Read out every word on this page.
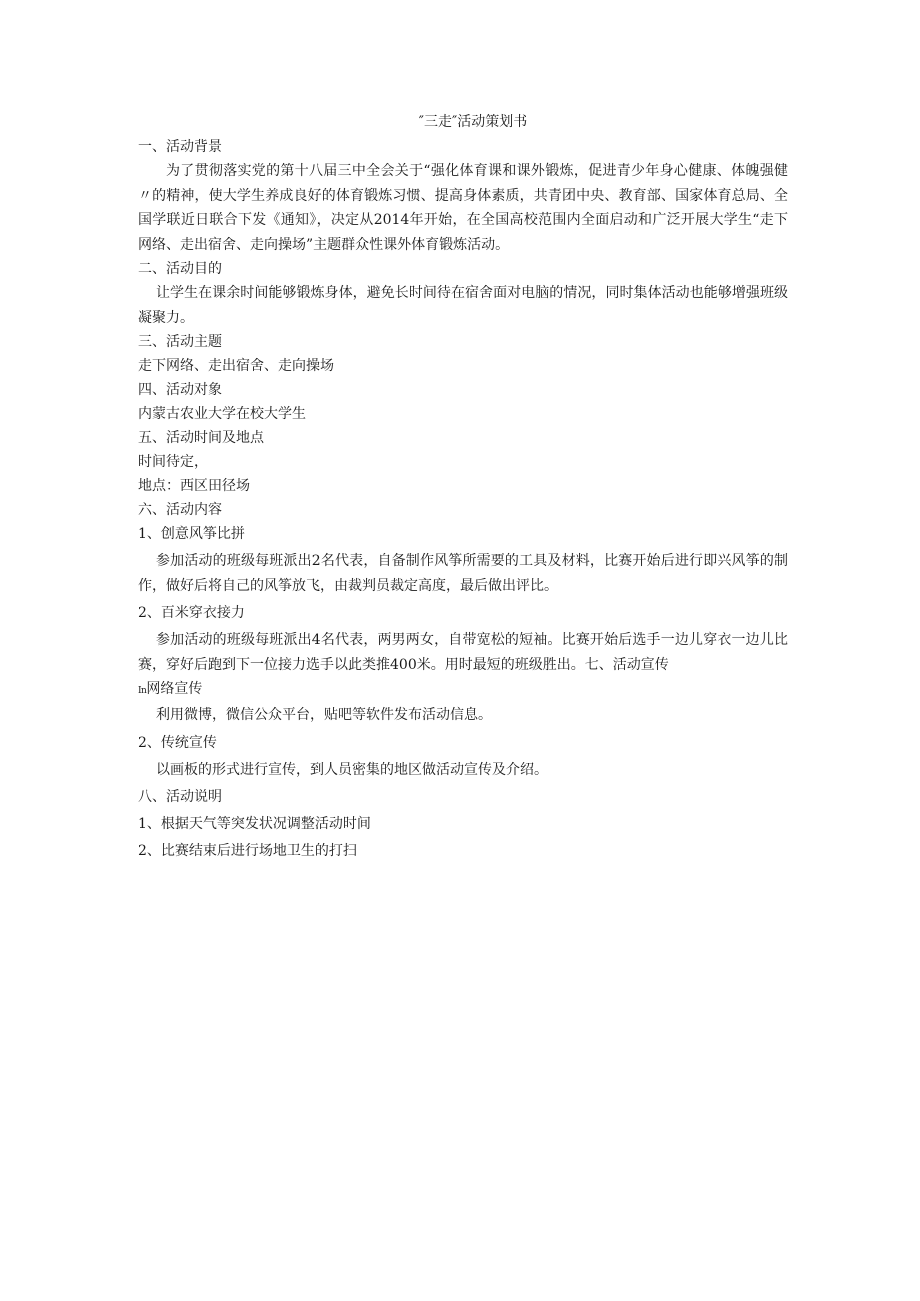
″三走″活动策划书

一、活动背景

为了贯彻落实党的第十八届三中全会关于“强化体育课和课外锻炼，促进青少年身心健康、体魄强健〃的精神，使大学生养成良好的体育锻炼习惯、提高身体素质，共青团中央、教育部、国家体育总局、全国学联近日联合下发《通知》，决定从2014年开始，在全国高校范围内全面启动和广泛开展大学生“走下网络、走出宿舍、走向操场”主题群众性课外体育锻炼活动。

二、活动目的

让学生在课余时间能够锻炼身体，避免长时间待在宿舍面对电脑的情况，同时集体活动也能够增强班级凝聚力。

三、活动主题

走下网络、走出宿舍、走向操场

四、活动对象

内蒙古农业大学在校大学生

五、活动时间及地点

时间待定，

地点：西区田径场

六、活动内容

1、创意风筝比拼

参加活动的班级每班派出2名代表，自备制作风筝所需要的工具及材料，比赛开始后进行即兴风筝的制作，做好后将自己的风筝放飞，由裁判员裁定高度，最后做出评比。

2、百米穿衣接力

参加活动的班级每班派出4名代表，两男两女，自带宽松的短袖。比赛开始后选手一边儿穿衣一边儿比赛，穿好后跑到下一位接力选手以此类推400米。用时最短的班级胜出。七、活动宣传

In网络宣传

利用微博，微信公众平台，贴吧等软件发布活动信息。

2、传统宣传

以画板的形式进行宣传，到人员密集的地区做活动宣传及介绍。

八、活动说明

1、根据天气等突发状况调整活动时间

2、比赛结束后进行场地卫生的打扫
